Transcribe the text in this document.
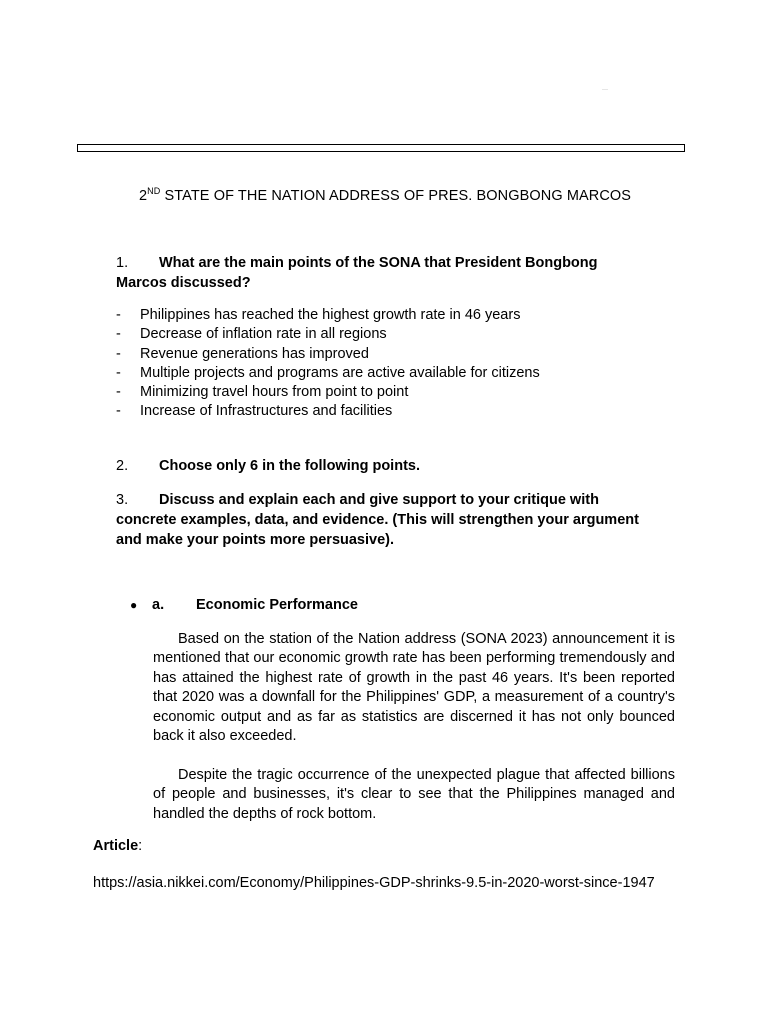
2ND STATE OF THE NATION ADDRESS OF PRES. BONGBONG MARCOS
1. What are the main points of the SONA that President Bongbong
Marcos discussed?
-	Philippines has reached the highest growth rate in 46 years
-	Decrease of inflation rate in all regions
-	Revenue generations has improved
-	Multiple projects and programs are active available for citizens
-	Minimizing travel hours from point to point
-	Increase of Infrastructures and facilities
2. Choose only 6 in the following points.
3. Discuss and explain each and give support to your critique with
concrete examples, data, and evidence. (This will strengthen your argument
and make your points more persuasive).
●	a.	Economic Performance

Based on the station of the Nation address (SONA 2023) announcement it is mentioned that our economic growth rate has been performing tremendously and has attained the highest rate of growth in the past 46 years. It's been reported that 2020 was a downfall for the Philippines' GDP, a measurement of a country's economic output and as far as statistics are discerned it has not only bounced back it also exceeded.

Despite the tragic occurrence of the unexpected plague that affected billions of people and businesses, it's clear to see that the Philippines managed and handled the depths of rock bottom.

Article:
https://asia.nikkei.com/Economy/Philippines-GDP-shrinks-9.5-in-2020-worst-since-1947
